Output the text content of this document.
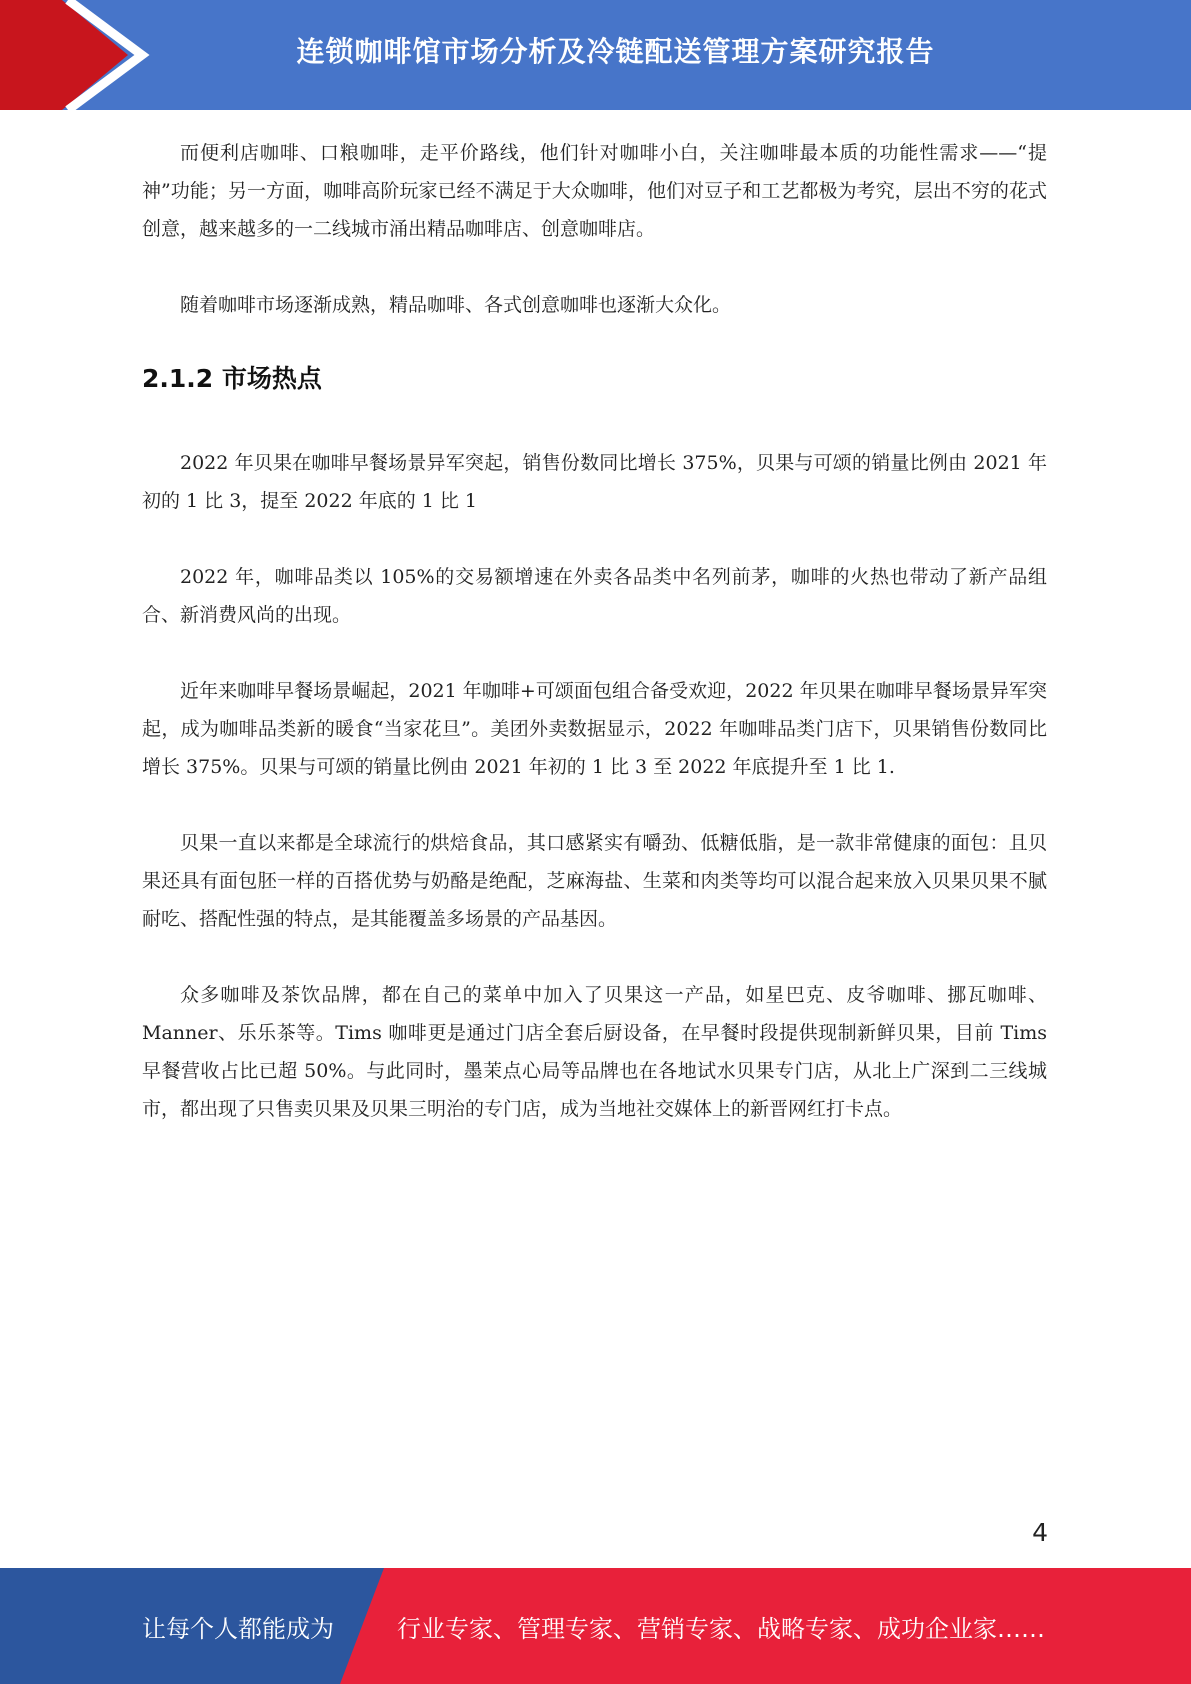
连锁咖啡馆市场分析及冷链配送管理方案研究报告

而便利店咖啡、口粮咖啡，走平价路线，他们针对咖啡小白，关注咖啡最本质的功能性需求——“提神”功能；另一方面，咖啡高阶玩家已经不满足于大众咖啡，他们对豆子和工艺都极为考究，层出不穷的花式创意，越来越多的一二线城市涌出精品咖啡店、创意咖啡店。

随着咖啡市场逐渐成熟，精品咖啡、各式创意咖啡也逐渐大众化。

2.1.2 市场热点

2022 年贝果在咖啡早餐场景异军突起，销售份数同比增长 375%，贝果与可颂的销量比例由 2021 年初的 1 比 3，提至 2022 年底的 1 比 1

2022 年，咖啡品类以 105%的交易额增速在外卖各品类中名列前茅，咖啡的火热也带动了新产品组合、新消费风尚的出现。

近年来咖啡早餐场景崛起，2021 年咖啡+可颂面包组合备受欢迎，2022 年贝果在咖啡早餐场景异军突起，成为咖啡品类新的暖食“当家花旦”。美团外卖数据显示，2022 年咖啡品类门店下，贝果销售份数同比增长 375%。贝果与可颂的销量比例由 2021 年初的 1 比 3 至 2022 年底提升至 1 比 1.

贝果一直以来都是全球流行的烘焙食品，其口感紧实有嚼劲、低糖低脂，是一款非常健康的面包：且贝果还具有面包胚一样的百搭优势与奶酪是绝配，芝麻海盐、生菜和肉类等均可以混合起来放入贝果贝果不腻耐吃、搭配性强的特点，是其能覆盖多场景的产品基因。

众多咖啡及茶饮品牌，都在自己的菜单中加入了贝果这一产品，如星巴克、皮爷咖啡、挪瓦咖啡、Manner、乐乐茶等。Tims 咖啡更是通过门店全套后厨设备，在早餐时段提供现制新鲜贝果，目前 Tims 早餐营收占比已超 50%。与此同时，墨茉点心局等品牌也在各地试水贝果专门店，从北上广深到二三线城市，都出现了只售卖贝果及贝果三明治的专门店，成为当地社交媒体上的新晋网红打卡点。

4
让每个人都能成为	行业专家、管理专家、营销专家、战略专家、成功企业家……
